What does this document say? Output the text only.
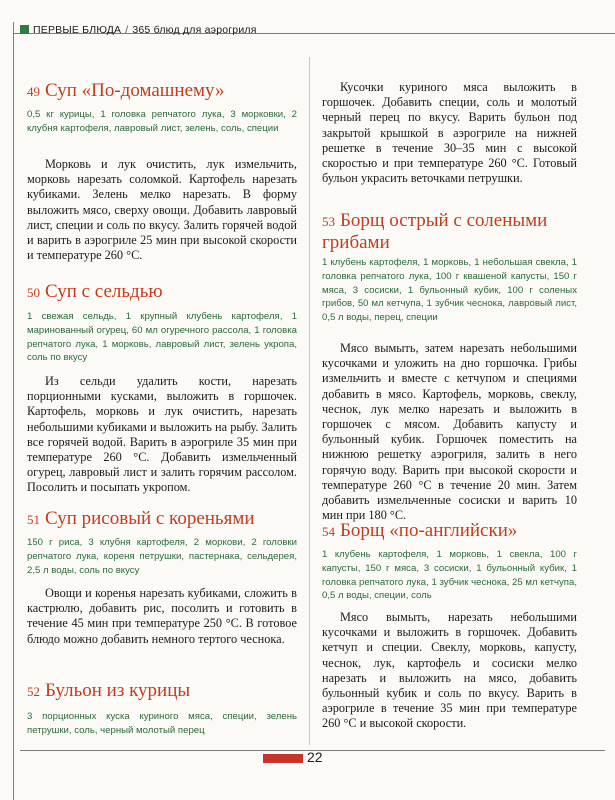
ПЕРВЫЕ БЛЮДА / 365 блюд для аэрогриля
49 Суп «По-домашнему»
0,5 кг курицы, 1 головка репчатого лука, 3 морковки, 2 клубня картофеля, лавровый лист, зелень, соль, специи
Морковь и лук очистить, лук измельчить, морковь нарезать соломкой. Картофель нарезать кубиками. Зелень мелко нарезать. В форму выложить мясо, сверху овощи. Добавить лавровый лист, специи и соль по вкусу. Залить горячей водой и варить в аэрогриле 25 мин при высокой скорости и температуре 260 °С.
50 Суп с сельдью
1 свежая сельдь, 1 крупный клубень картофеля, 1 маринованный огурец, 60 мл огуречного рассола, 1 головка репчатого лука, 1 морковь, лавровый лист, зелень укропа, соль по вкусу
Из сельди удалить кости, нарезать порционными кусками, выложить в горшочек. Картофель, морковь и лук очистить, нарезать небольшими кубиками и выложить на рыбу. Залить все горячей водой. Варить в аэрогриле 35 мин при температуре 260 °С. Добавить измельченный огурец, лавровый лист и залить горячим рассолом. Посолить и посыпать укропом.
51 Суп рисовый с кореньями
150 г риса, 3 клубня картофеля, 2 моркови, 2 головки репчатого лука, кореня петрушки, пастернака, сельдерея, 2,5 л воды, соль по вкусу
Овощи и коренья нарезать кубиками, сложить в кастрюлю, добавить рис, посолить и готовить в течение 45 мин при температуре 250 °С. В готовое блюдо можно добавить немного тертого чеснока.
52 Бульон из курицы
3 порционных куска куриного мяса, специи, зелень петрушки, соль, черный молотый перец
Кусочки куриного мяса выложить в горшочек. Добавить специи, соль и молотый черный перец по вкусу. Варить бульон под закрытой крышкой в аэрогриле на нижней решетке в течение 30–35 мин с высокой скоростью и при температуре 260 °С. Готовый бульон украсить веточками петрушки.
53 Борщ острый с солеными грибами
1 клубень картофеля, 1 морковь, 1 небольшая свекла, 1 головка репчатого лука, 100 г квашеной капусты, 150 г мяса, 3 сосиски, 1 бульонный кубик, 100 г соленых грибов, 50 мл кетчупа, 1 зубчик чеснока, лавровый лист, 0,5 л воды, перец, специи
Мясо вымыть, затем нарезать небольшими кусочками и уложить на дно горшочка. Грибы измельчить и вместе с кетчупом и специями добавить в мясо. Картофель, морковь, свеклу, чеснок, лук мелко нарезать и выложить в горшочек с мясом. Добавить капусту и бульонный кубик. Горшочек поместить на нижнюю решетку аэрогриля, залить в него горячую воду. Варить при высокой скорости и температуре 260 °С в течение 20 мин. Затем добавить измельченные сосиски и варить 10 мин при 180 °С.
54 Борщ «по-английски»
1 клубень картофеля, 1 морковь, 1 свекла, 100 г капусты, 150 г мяса, 3 сосиски, 1 бульонный кубик, 1 головка репчатого лука, 1 зубчик чеснока, 25 мл кетчупа, 0,5 л воды, специи, соль
Мясо вымыть, нарезать небольшими кусочками и выложить в горшочек. Добавить кетчуп и специи. Свеклу, морковь, капусту, чеснок, лук, картофель и сосиски мелко нарезать и выложить на мясо, добавить бульонный кубик и соль по вкусу. Варить в аэрогриле в течение 35 мин при температуре 260 °С и высокой скорости.
22
